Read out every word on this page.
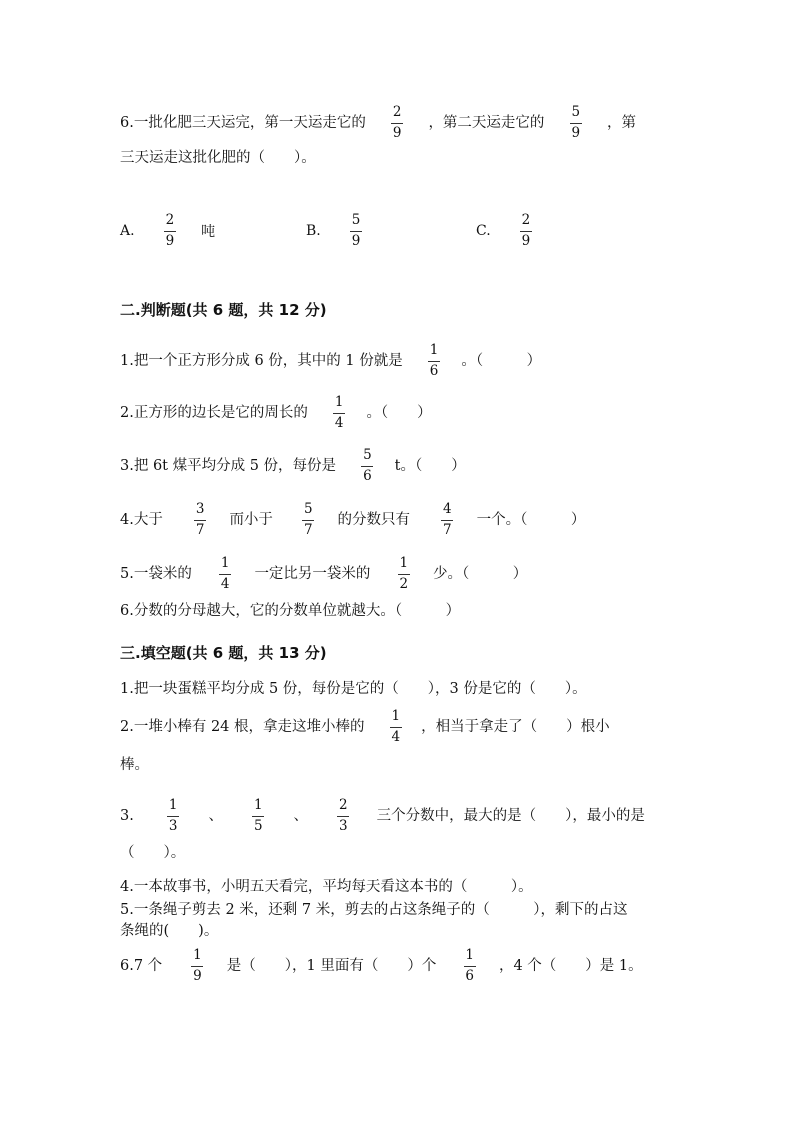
6.一批化肥三天运完，第一天运走它的 $\frac{2}{9}$ ，第二天运走它的 $\frac{5}{9}$ ，第
三天运走这批化肥的（　　）。
A. $\frac{2}{9}$ 吨	B. $\frac{5}{9}$	C. $\frac{2}{9}$
二.判断题(共 6 题，共 12 分)
1.把一个正方形分成 6 份，其中的 1 份就是 $\frac{1}{6}$ 。（　　　）
2.正方形的边长是它的周长的 $\frac{1}{4}$ 。（　　）
3.把 6t 煤平均分成 5 份，每份是 $\frac{5}{6}$ t。（　　）
4.大于 $\frac{3}{7}$ 而小于 $\frac{5}{7}$ 的分数只有 $\frac{4}{7}$ 一个。（　　　）
5.一袋米的 $\frac{1}{4}$ 一定比另一袋米的 $\frac{1}{2}$ 少。（　　　）
6.分数的分母越大，它的分数单位就越大。（　　　）
三.填空题(共 6 题，共 13 分)
1.把一块蛋糕平均分成 5 份，每份是它的（　　），3 份是它的（　　）。
2.一堆小棒有 24 根，拿走这堆小棒的 $\frac{1}{4}$ ，相当于拿走了（　　）根小
棒。
3. $\frac{1}{3}$ 、 $\frac{1}{5}$ 、 $\frac{2}{3}$ 三个分数中，最大的是（　　），最小的是
（　　）。
4.一本故事书，小明五天看完，平均每天看这本书的（　　　）。
5.一条绳子剪去 2 米，还剩 7 米，剪去的占这条绳子的（　　　），剩下的占这
条绳的(　　)。
6.7 个 $\frac{1}{9}$ 是（　　），1 里面有（　　）个 $\frac{1}{6}$ ，4 个（　　）是 1。
